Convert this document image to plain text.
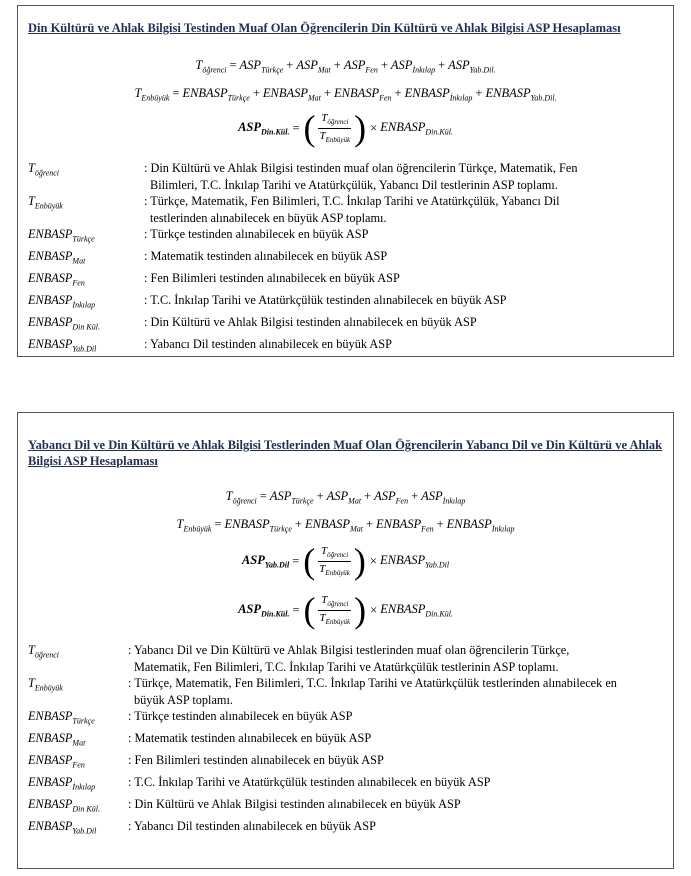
Din Kültürü ve Ahlak Bilgisi Testinden Muaf Olan Öğrencilerin Din Kültürü ve Ahlak Bilgisi ASP Hesaplaması
$T_{öğrenci} = ASP_{Türkçe} + ASP_{Mat} + ASP_{Fen} + ASP_{İnkılap} + ASP_{Yab.Dil.}$
$T_{Enbüyük}$ = $ENBASP_{Türkçe}$ + $ENBASP_{Mat}$ + $ENBASP_{Fen}$ + $ENBASP_{İnkılap}$ + $ENBASP_{Yab.Dil.}$
$ASP_{Din.Kül.}$ = ( $\frac{T_{öğrenci}}{T_{Enbüyük}}$ ) × $ENBASP_{Din.Kül.}$
$T_{öğrenci}$	: Din Kültürü ve Ahlak Bilgisi testinden muaf olan öğrencilerin Türkçe, Matematik, Fen
Bilimleri, T.C. İnkılap Tarihi ve Atatürkçülük, Yabancı Dil testlerinin ASP toplamı.
$T_{Enbüyük}$	: Türkçe, Matematik, Fen Bilimleri, T.C. İnkılap Tarihi ve Atatürkçülük, Yabancı Dil
testlerinden alınabilecek en büyük ASP toplamı.
$ENBASP_{Türkçe}$	: Türkçe testinden alınabilecek en büyük ASP
$ENBASP_{Mat}$	: Matematik testinden alınabilecek en büyük ASP
$ENBASP_{Fen}$	: Fen Bilimleri testinden alınabilecek en büyük ASP
$ENBASP_{İnkılap}$	: T.C. İnkılap Tarihi ve Atatürkçülük testinden alınabilecek en büyük ASP
$ENBASP_{Din Kül.}$	: Din Kültürü ve Ahlak Bilgisi testinden alınabilecek en büyük ASP
$ENBASP_{Yab.Dil}$	: Yabancı Dil testinden alınabilecek en büyük ASP
Yabancı Dil ve Din Kültürü ve Ahlak Bilgisi Testlerinden Muaf Olan Öğrencilerin Yabancı Dil ve Din Kültürü ve Ahlak Bilgisi ASP Hesaplaması
$T_{öğrenci} = ASP_{Türkçe} + ASP_{Mat} + ASP_{Fen} + ASP_{İnkılap}$
$T_{Enbüyük}$ = $ENBASP_{Türkçe}$ + $ENBASP_{Mat}$ + $ENBASP_{Fen}$ + $ENBASP_{İnkılap}$
$ASP_{Yab.Dil}$ = ( $\frac{T_{öğrenci}}{T_{Enbüyük}}$ ) × $ENBASP_{Yab.Dil}$
$ASP_{Din.Kül.}$ = ( $\frac{T_{öğrenci}}{T_{Enbüyük}}$ ) × $ENBASP_{Din.Kül.}$
$T_{öğrenci}$	: Yabancı Dil ve Din Kültürü ve Ahlak Bilgisi testlerinden muaf olan öğrencilerin Türkçe,
Matematik, Fen Bilimleri, T.C. İnkılap Tarihi ve Atatürkçülük testlerinin ASP toplamı.
$T_{Enbüyük}$	: Türkçe, Matematik, Fen Bilimleri, T.C. İnkılap Tarihi ve Atatürkçülük testlerinden alınabilecek en
büyük ASP toplamı.
$ENBASP_{Türkçe}$	: Türkçe testinden alınabilecek en büyük ASP
$ENBASP_{Mat}$	: Matematik testinden alınabilecek en büyük ASP
$ENBASP_{Fen}$	: Fen Bilimleri testinden alınabilecek en büyük ASP
$ENBASP_{İnkılap}$	: T.C. İnkılap Tarihi ve Atatürkçülük testinden alınabilecek en büyük ASP
$ENBASP_{Din Kül.}$	: Din Kültürü ve Ahlak Bilgisi testinden alınabilecek en büyük ASP
$ENBASP_{Yab.Dil}$	: Yabancı Dil testinden alınabilecek en büyük ASP
